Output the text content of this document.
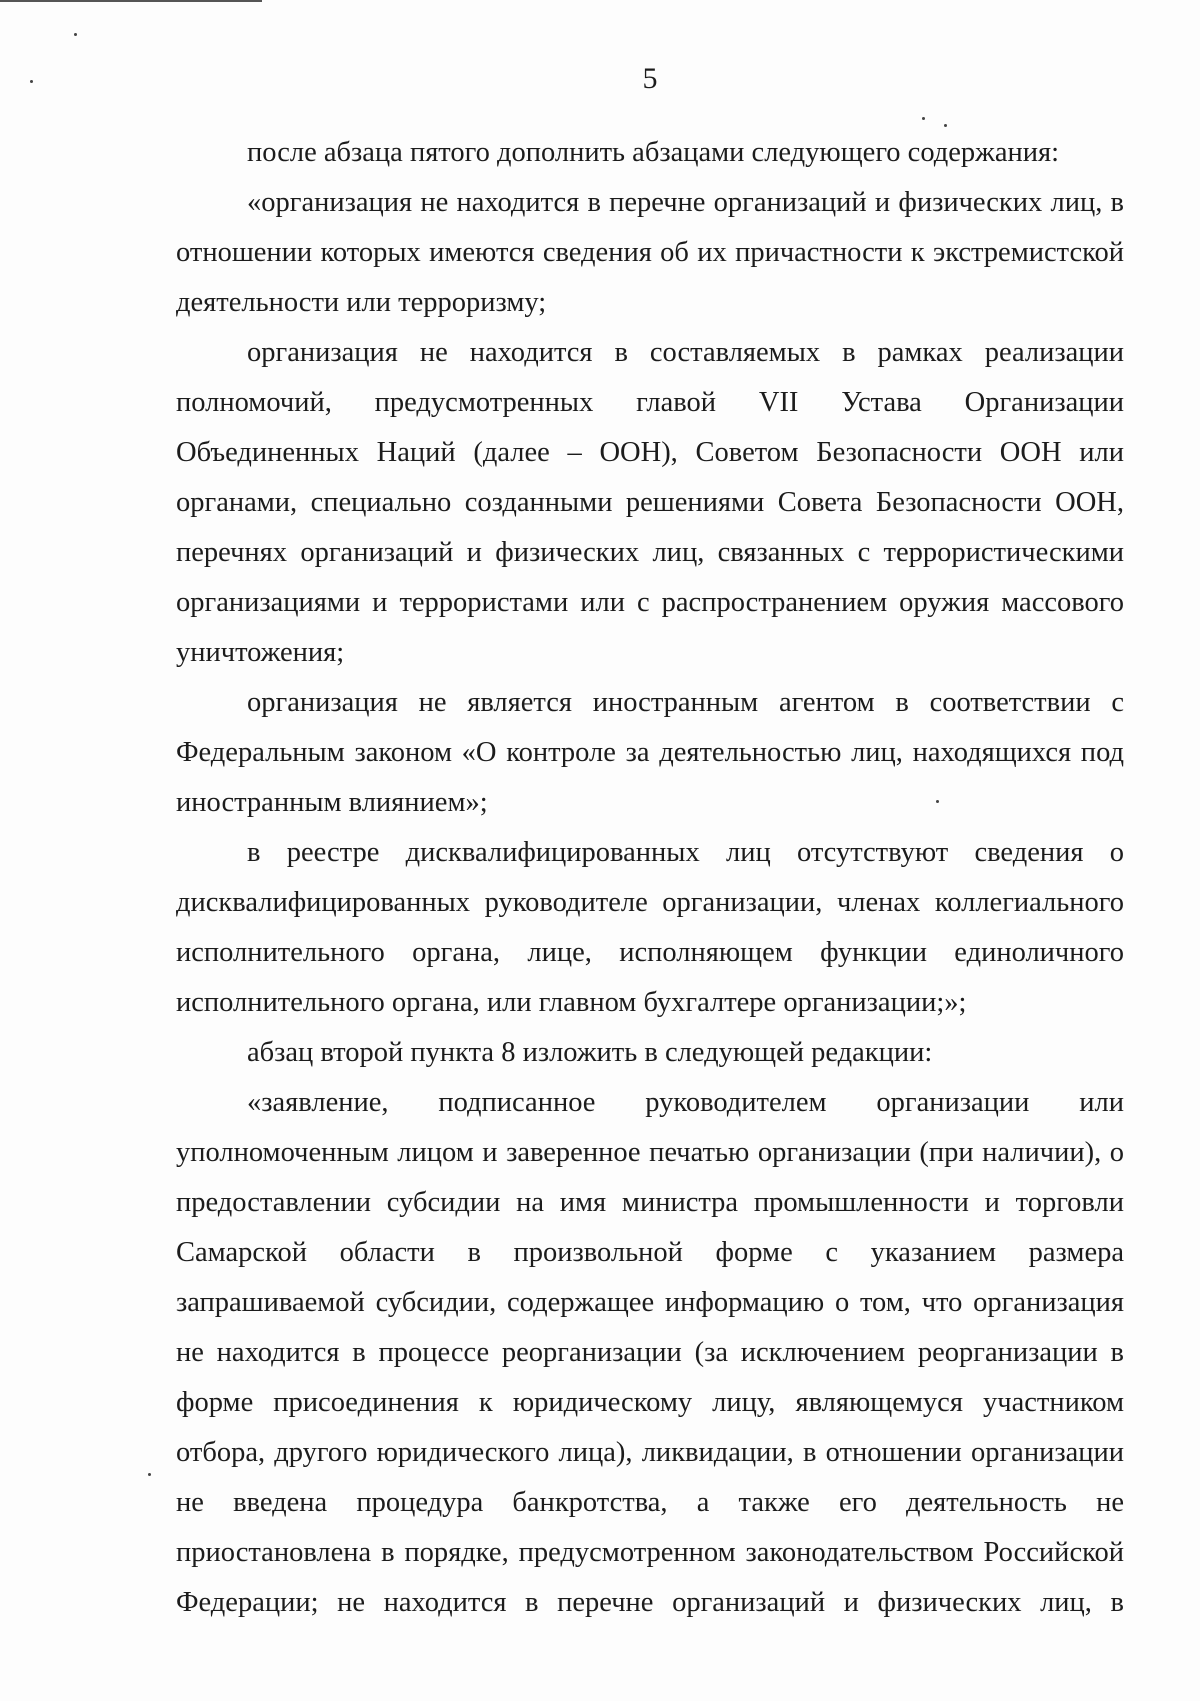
5

после абзаца пятого дополнить абзацами следующего содержания:

«организация не находится в перечне организаций и физических лиц, в отношении которых имеются сведения об их причастности к экстремистской деятельности или терроризму;

организация не находится в составляемых в рамках реализации полномочий, предусмотренных главой VII Устава Организации Объединенных Наций (далее – ООН), Советом Безопасности ООН или органами, специально созданными решениями Совета Безопасности ООН, перечнях организаций и физических лиц, связанных с террористическими организациями и террористами или с распространением оружия массового уничтожения;

организация не является иностранным агентом в соответствии с Федеральным законом «О контроле за деятельностью лиц, находящихся под иностранным влиянием»;

в реестре дисквалифицированных лиц отсутствуют сведения о дисквалифицированных руководителе организации, членах коллегиального исполнительного органа, лице, исполняющем функции единоличного исполнительного органа, или главном бухгалтере организации;»;

абзац второй пункта 8 изложить в следующей редакции:

«заявление, подписанное руководителем организации или уполномоченным лицом и заверенное печатью организации (при наличии), о предоставлении субсидии на имя министра промышленности и торговли Самарской области в произвольной форме с указанием размера запрашиваемой субсидии, содержащее информацию о том, что организация не находится в процессе реорганизации (за исключением реорганизации в форме присоединения к юридическому лицу, являющемуся участником отбора, другого юридического лица), ликвидации, в отношении организации не введена процедура банкротства, а также его деятельность не приостановлена в порядке, предусмотренном законодательством Российской Федерации; не находится в перечне организаций и физических лиц, в
